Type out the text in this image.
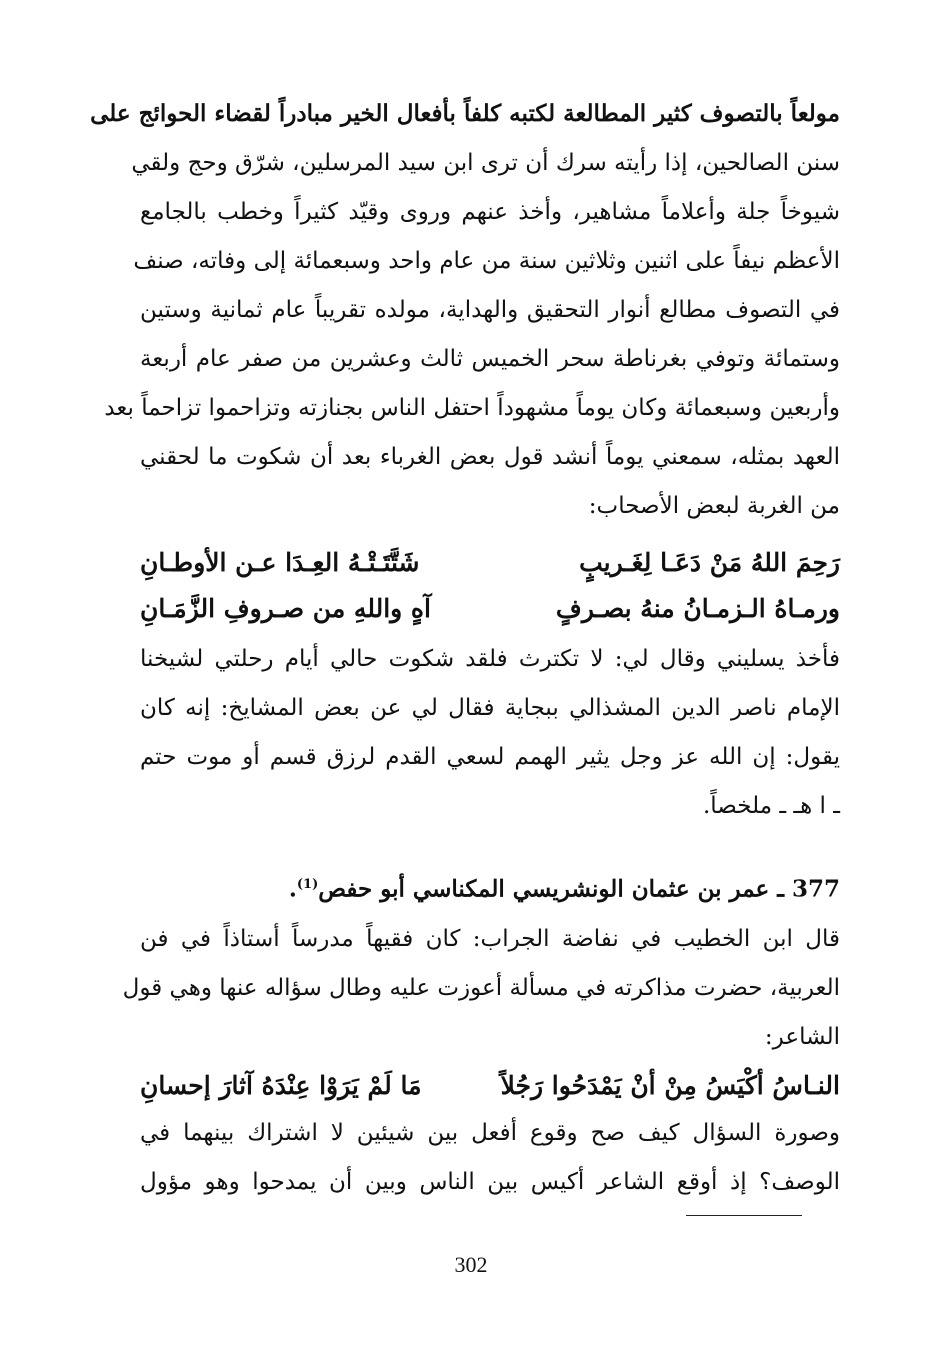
مولعاً بالتصوف كثير المطالعة لكتبه كلفاً بأفعال الخير مبادراً لقضاء الحوائج على
سنن الصالحين، إذا رأيته سرك أن ترى ابن سيد المرسلين، شرّق وحج ولقي
شيوخاً جلة وأعلاماً مشاهير، وأخذ عنهم وروى وقيّد كثيراً وخطب بالجامع
الأعظم نيفاً على اثنين وثلاثين سنة من عام واحد وسبعمائة إلى وفاته، صنف
في التصوف مطالع أنوار التحقيق والهداية، مولده تقريباً عام ثمانية وستين
وستمائة وتوفي بغرناطة سحر الخميس ثالث وعشرين من صفر عام أربعة
وأربعين وسبعمائة وكان يوماً مشهوداً احتفل الناس بجنازته وتزاحموا تزاحماً بعد
العهد بمثله، سمعني يوماً أنشد قول بعض الغرباء بعد أن شكوت ما لحقني
من الغربة لبعض الأصحاب:
رَحِمَ اللهُ مَنْ دَعَـا لِغَـريبٍ
شَتَّتَـتْـهُ العِـدَا عـن الأوطـانِ
ورمـاهُ الـزمـانُ منهُ بصـرفٍ
آهٍ واللهِ من صـروفِ الزَّمَـانِ
فأخذ يسليني وقال لي: لا تكترث فلقد شكوت حالي أيام رحلتي لشيخنا
الإمام ناصر الدين المشذالي ببجاية فقال لي عن بعض المشايخ: إنه كان
يقول: إن الله عز وجل يثير الهمم لسعي القدم لرزق قسم أو موت حتم
ـ ا هـ ـ ملخصاً.
377 ـ عمر بن عثمان الونشريسي المكناسي أبو حفص$^{(1)}$.
قال ابن الخطيب في نفاضة الجراب: كان فقيهاً مدرساً أستاذاً في فن
العربية، حضرت مذاكرته في مسألة أعوزت عليه وطال سؤاله عنها وهي قول
الشاعر:
النـاسُ أكْيَسُ مِنْ أنْ يَمْدَحُوا رَجُلاً
مَا لَمْ يَرَوْا عِنْدَهُ آثارَ إحسانِ
وصورة السؤال كيف صح وقوع أفعل بين شيئين لا اشتراك بينهما في
الوصف؟ إذ أوقع الشاعر أكيس بين الناس وبين أن يمدحوا وهو مؤول
302
